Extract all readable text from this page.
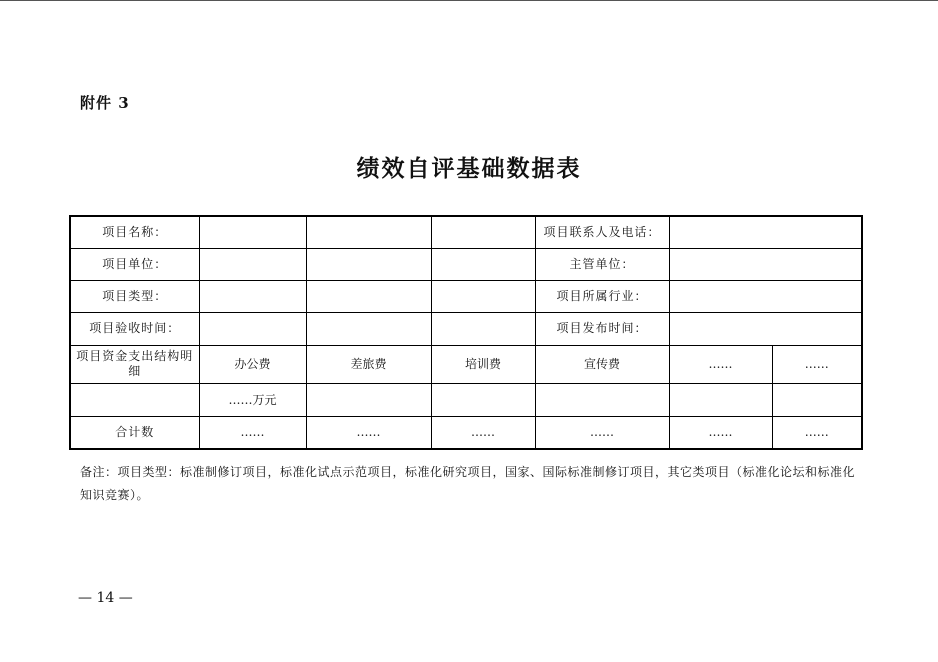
附件 3
绩效自评基础数据表
项目名称：				项目联系人及电话：		
项目单位：				主管单位：		
项目类型：				项目所属行业：		
项目验收时间：				项目发布时间：		
项目资金支出结构明细	办公费	差旅费	培训费	宣传费	……	……
	……万元					
合计数	……	……	……	……	……	……
备注：项目类型：标准制修订项目，标准化试点示范项目，标准化研究项目，国家、国际标准制修订项目，其它类项目（标准化论坛和标准化知识竞赛）。
— 14 —
